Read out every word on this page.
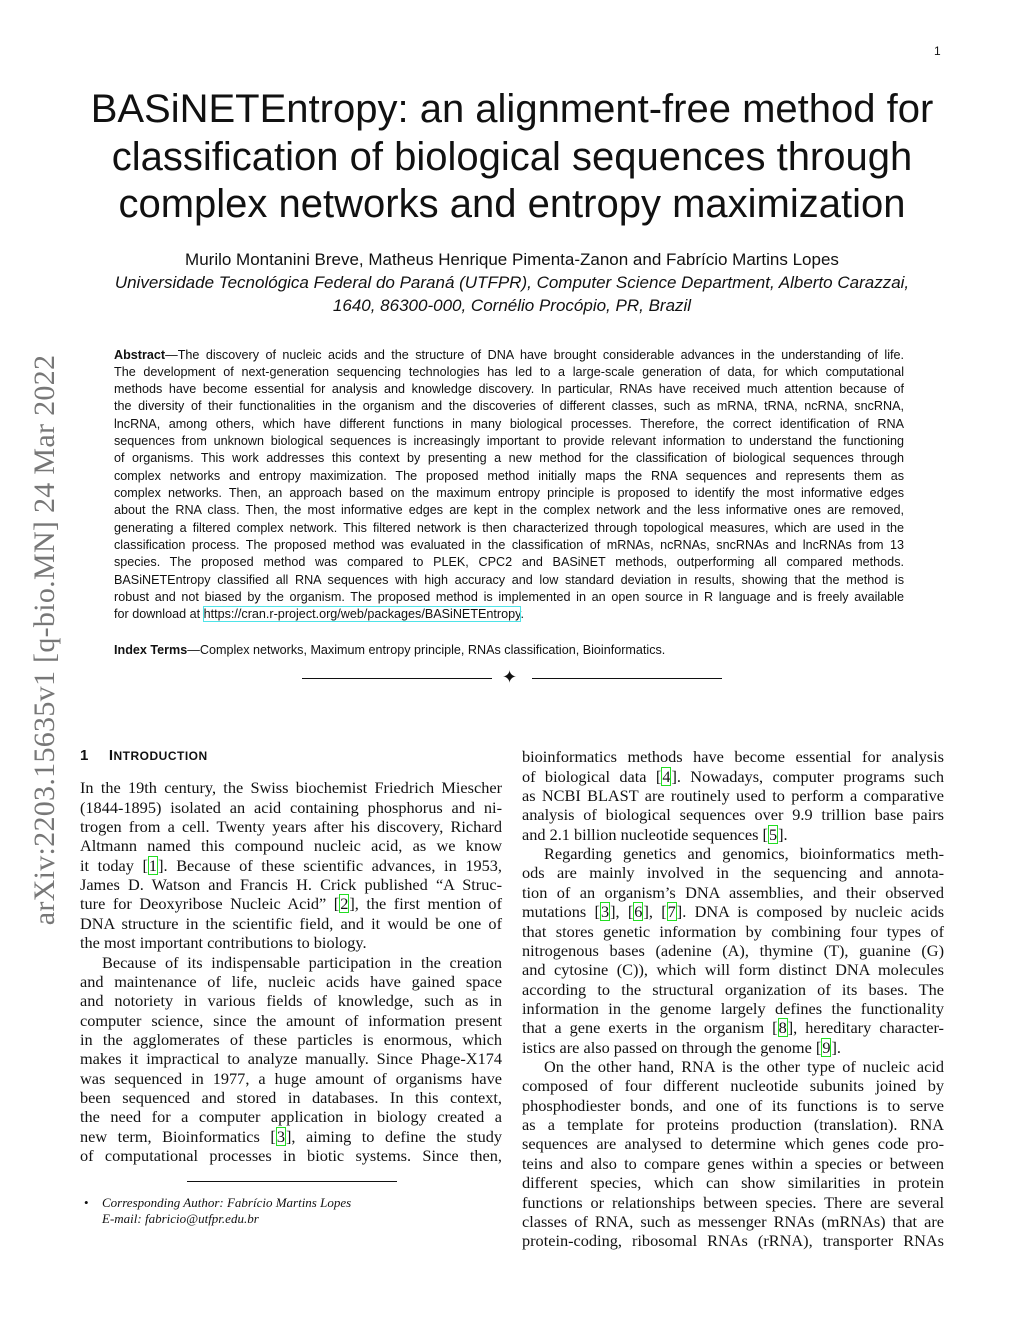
1
arXiv:2203.15635v1 [q-bio.MN] 24 Mar 2022
BASiNETEntropy: an alignment-free method for
classification of biological sequences through
complex networks and entropy maximization
Murilo Montanini Breve, Matheus Henrique Pimenta-Zanon and Fabrício Martins Lopes
Universidade Tecnológica Federal do Paraná (UTFPR), Computer Science Department, Alberto Carazzai,
1640, 86300-000, Cornélio Procópio, PR, Brazil
Abstract—The discovery of nucleic acids and the structure of DNA have brought considerable advances in the understanding of life.
The development of next-generation sequencing technologies has led to a large-scale generation of data, for which computational
methods have become essential for analysis and knowledge discovery. In particular, RNAs have received much attention because of
the diversity of their functionalities in the organism and the discoveries of different classes, such as mRNA, tRNA, ncRNA, sncRNA,
lncRNA, among others, which have different functions in many biological processes. Therefore, the correct identification of RNA
sequences from unknown biological sequences is increasingly important to provide relevant information to understand the functioning
of organisms. This work addresses this context by presenting a new method for the classification of biological sequences through
complex networks and entropy maximization. The proposed method initially maps the RNA sequences and represents them as
complex networks. Then, an approach based on the maximum entropy principle is proposed to identify the most informative edges
about the RNA class. Then, the most informative edges are kept in the complex network and the less informative ones are removed,
generating a filtered complex network. This filtered network is then characterized through topological measures, which are used in the
classification process. The proposed method was evaluated in the classification of mRNAs, ncRNAs, sncRNAs and lncRNAs from 13
species. The proposed method was compared to PLEK, CPC2 and BASiNET methods, outperforming all compared methods.
BASiNETEntropy classified all RNA sequences with high accuracy and low standard deviation in results, showing that the method is
robust and not biased by the organism. The proposed method is implemented in an open source in R language and is freely available
for download at https://cran.r-project.org/web/packages/BASiNETEntropy.
Index Terms—Complex networks, Maximum entropy principle, RNAs classification, Bioinformatics.
✦
1 INTRODUCTION
In the 19th century, the Swiss biochemist Friedrich Miescher
(1844-1895) isolated an acid containing phosphorus and ni-
trogen from a cell. Twenty years after his discovery, Richard
Altmann named this compound nucleic acid, as we know
it today [1]. Because of these scientific advances, in 1953,
James D. Watson and Francis H. Crick published “A Struc-
ture for Deoxyribose Nucleic Acid” [2], the first mention of
DNA structure in the scientific field, and it would be one of
the most important contributions to biology.
Because of its indispensable participation in the creation
and maintenance of life, nucleic acids have gained space
and notoriety in various fields of knowledge, such as in
computer science, since the amount of information present
in the agglomerates of these particles is enormous, which
makes it impractical to analyze manually. Since Phage-X174
was sequenced in 1977, a huge amount of organisms have
been sequenced and stored in databases. In this context,
the need for a computer application in biology created a
new term, Bioinformatics [3], aiming to define the study
of computational processes in biotic systems. Since then,
bioinformatics methods have become essential for analysis
of biological data [4]. Nowadays, computer programs such
as NCBI BLAST are routinely used to perform a comparative
analysis of biological sequences over 9.9 trillion base pairs
and 2.1 billion nucleotide sequences [5].
Regarding genetics and genomics, bioinformatics meth-
ods are mainly involved in the sequencing and annota-
tion of an organism’s DNA assemblies, and their observed
mutations [3], [6], [7]. DNA is composed by nucleic acids
that stores genetic information by combining four types of
nitrogenous bases (adenine (A), thymine (T), guanine (G)
and cytosine (C)), which will form distinct DNA molecules
according to the structural organization of its bases. The
information in the genome largely defines the functionality
that a gene exerts in the organism [8], hereditary character-
istics are also passed on through the genome [9].
On the other hand, RNA is the other type of nucleic acid
composed of four different nucleotide subunits joined by
phosphodiester bonds, and one of its functions is to serve
as a template for proteins production (translation). RNA
sequences are analysed to determine which genes code pro-
teins and also to compare genes within a species or between
different species, which can show similarities in protein
functions or relationships between species. There are several
classes of RNA, such as messenger RNAs (mRNAs) that are
protein-coding, ribosomal RNAs (rRNA), transporter RNAs
• Corresponding Author: Fabrício Martins Lopes
E-mail: fabricio@utfpr.edu.br
